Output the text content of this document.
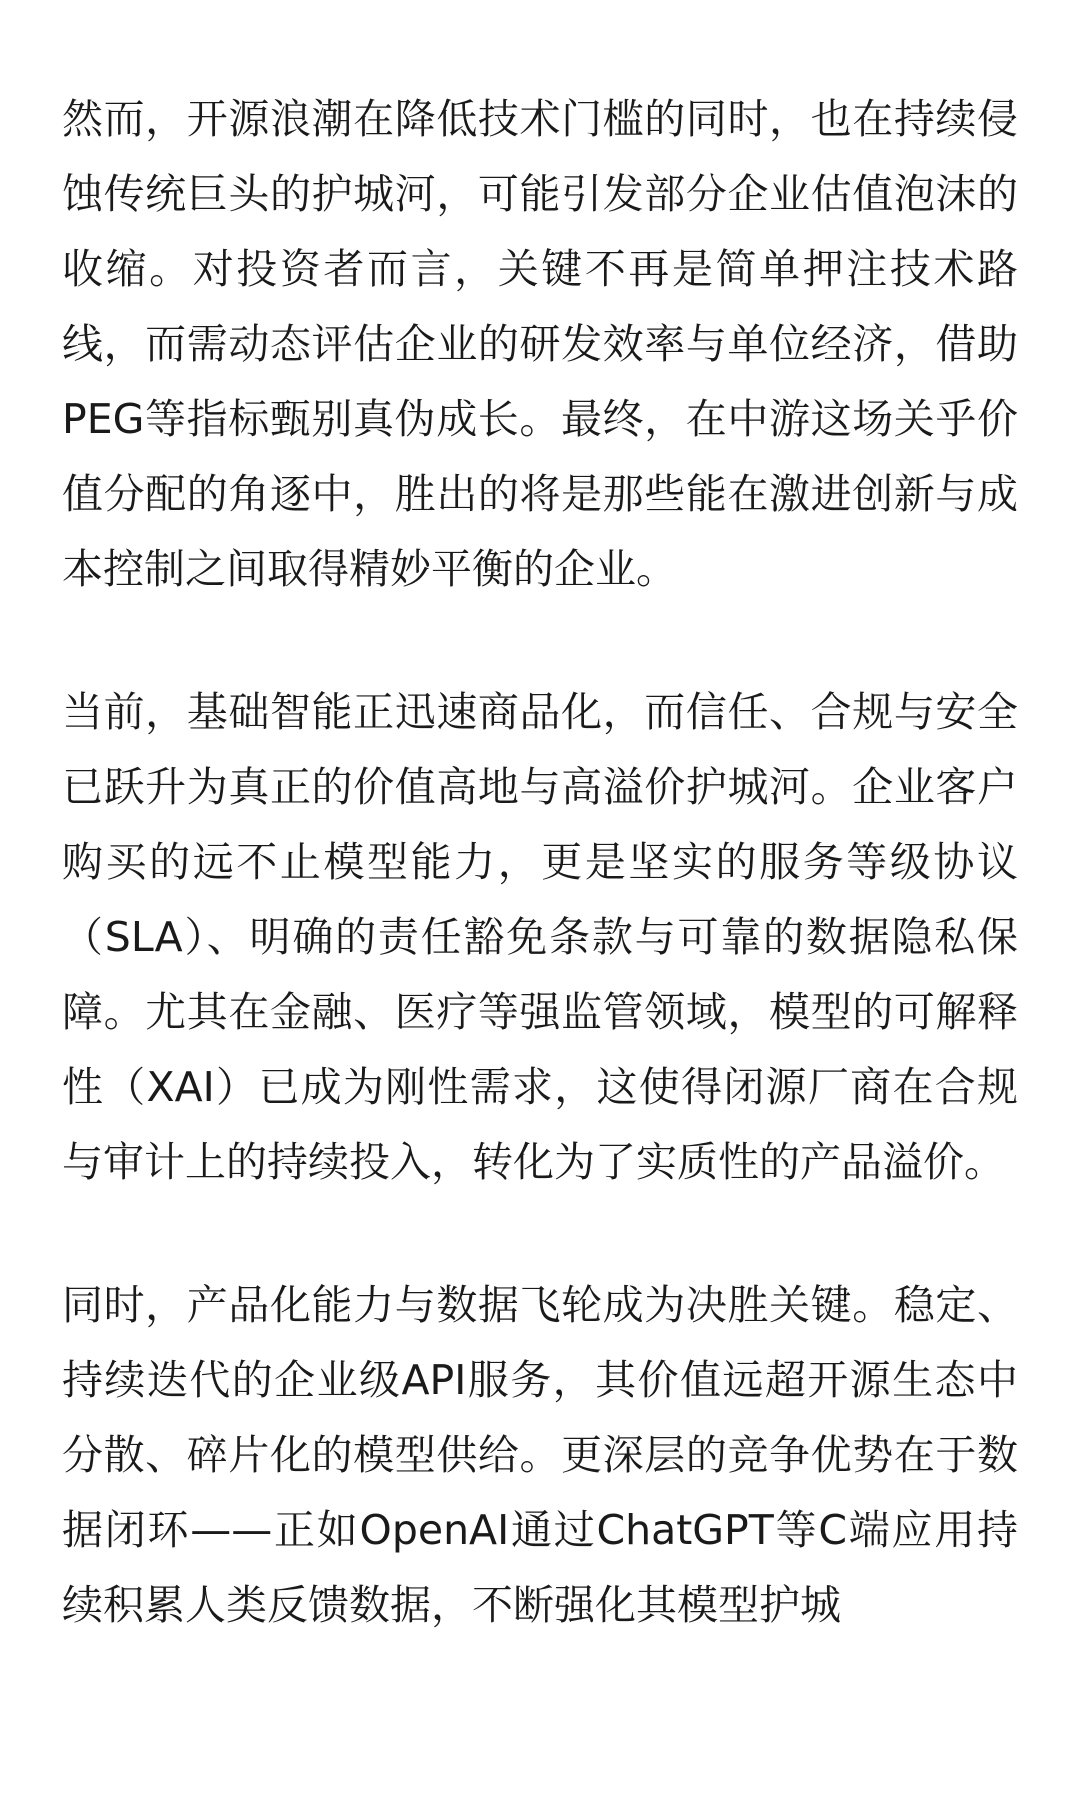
然而，开源浪潮在降低技术门槛的同时，也在持续侵蚀传统巨头的护城河，可能引发部分企业估值泡沫的收缩。对投资者而言，关键不再是简单押注技术路线，而需动态评估企业的研发效率与单位经济，借助PEG等指标甄别真伪成长。最终，在中游这场关乎价值分配的角逐中，胜出的将是那些能在激进创新与成本控制之间取得精妙平衡的企业。

当前，基础智能正迅速商品化，而信任、合规与安全已跃升为真正的价值高地与高溢价护城河。企业客户购买的远不止模型能力，更是坚实的服务等级协议（SLA）、明确的责任豁免条款与可靠的数据隐私保障。尤其在金融、医疗等强监管领域，模型的可解释性（XAI）已成为刚性需求，这使得闭源厂商在合规与审计上的持续投入，转化为了实质性的产品溢价。

同时，产品化能力与数据飞轮成为决胜关键。稳定、持续迭代的企业级API服务，其价值远超开源生态中分散、碎片化的模型供给。更深层的竞争优势在于数据闭环——正如OpenAI通过ChatGPT等C端应用持续积累人类反馈数据，不断强化其模型护城
